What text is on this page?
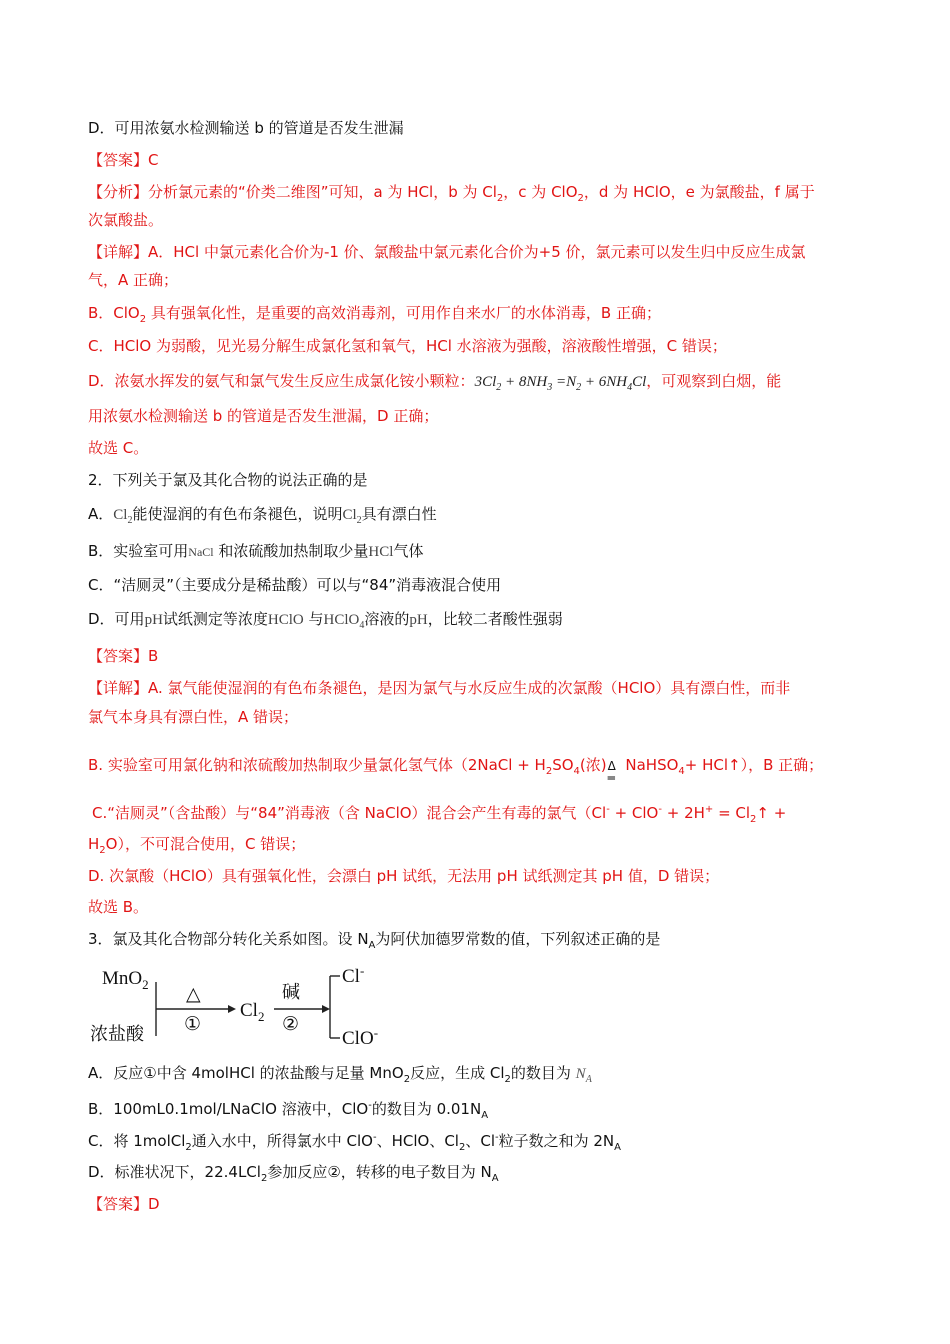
D．可用浓氨水检测输送 b 的管道是否发生泄漏
【答案】C
【分析】分析氯元素的“价类二维图”可知，a 为 HCl，b 为 $Cl_2$，c 为 ClO$_2$，d 为 HClO，e 为氯酸盐，f 属于
次氯酸盐。
【详解】A．HCl 中氯元素化合价为-1 价、氯酸盐中氯元素化合价为+5 价，氯元素可以发生归中反应生成氯
气，A 正确；
B．ClO$_2$ 具有强氧化性，是重要的高效消毒剂，可用作自来水厂的水体消毒，B 正确；
C．HClO 为弱酸，见光易分解生成氯化氢和氧气，HCl 水溶液为强酸，溶液酸性增强，C 错误；
D．浓氨水挥发的氨气和氯气发生反应生成氯化铵小颗粒：$3Cl_2 + 8NH_3 =N_2 + 6NH_4Cl$，可观察到白烟，能
用浓氨水检测输送 b 的管道是否发生泄漏，D 正确；
故选 C。
2．下列关于氯及其化合物的说法正确的是
A．$Cl_2$能使湿润的有色布条褪色，说明$Cl_2$具有漂白性
B．实验室可用NaCl 和浓硫酸加热制取少量HCl气体
C．“洁厕灵”（主要成分是稀盐酸）可以与“84”消毒液混合使用
D．可用pH试纸测定等浓度HClO 与HClO$_4$溶液的pH，比较二者酸性强弱
【答案】B
【详解】A. 氯气能使湿润的有色布条褪色，是因为氯气与水反应生成的次氯酸（HClO）具有漂白性，而非
氯气本身具有漂白性，A 错误；
B. 实验室可用氯化钠和浓硫酸加热制取少量氯化氢气体（2NaCl + $H_2SO_4$(浓) Δ
═
NaHSO$_4$+ HCl↑），B 正确；
C.“洁厕灵”（含盐酸）与“84”消毒液（含 NaClO）混合会产生有毒的氯气（$Cl^- + ClO^- + 2H^+ = Cl_2↑$ +
$H_2O$），不可混合使用，C 错误；
D. 次氯酸（HClO）具有强氧化性，会漂白 pH 试纸，无法用 pH 试纸测定其 pH 值，D 错误；
故选 B。
3．氯及其化合物部分转化关系如图。设 $N_A$为阿伏加德罗常数的值，下列叙述正确的是
MnO$_2$
浓盐酸
△
①
$Cl_2$
碱
②
Cl-
ClO-
A．反应①中含 4molHCl 的浓盐酸与足量 MnO$_2$反应，生成 $Cl_2$的数目为 $N_A$
B．100mL0.1mol/LNaClO 溶液中，ClO-的数目为 $0.01N_A$
C．将 1molCl$_2$通入水中，所得氯水中 ClO-、HClO、$Cl_2$、Cl-粒子数之和为 $2N_A$
D．标准状况下，22.4LCl$_2$参加反应②，转移的电子数目为 $N_A$
【答案】D
